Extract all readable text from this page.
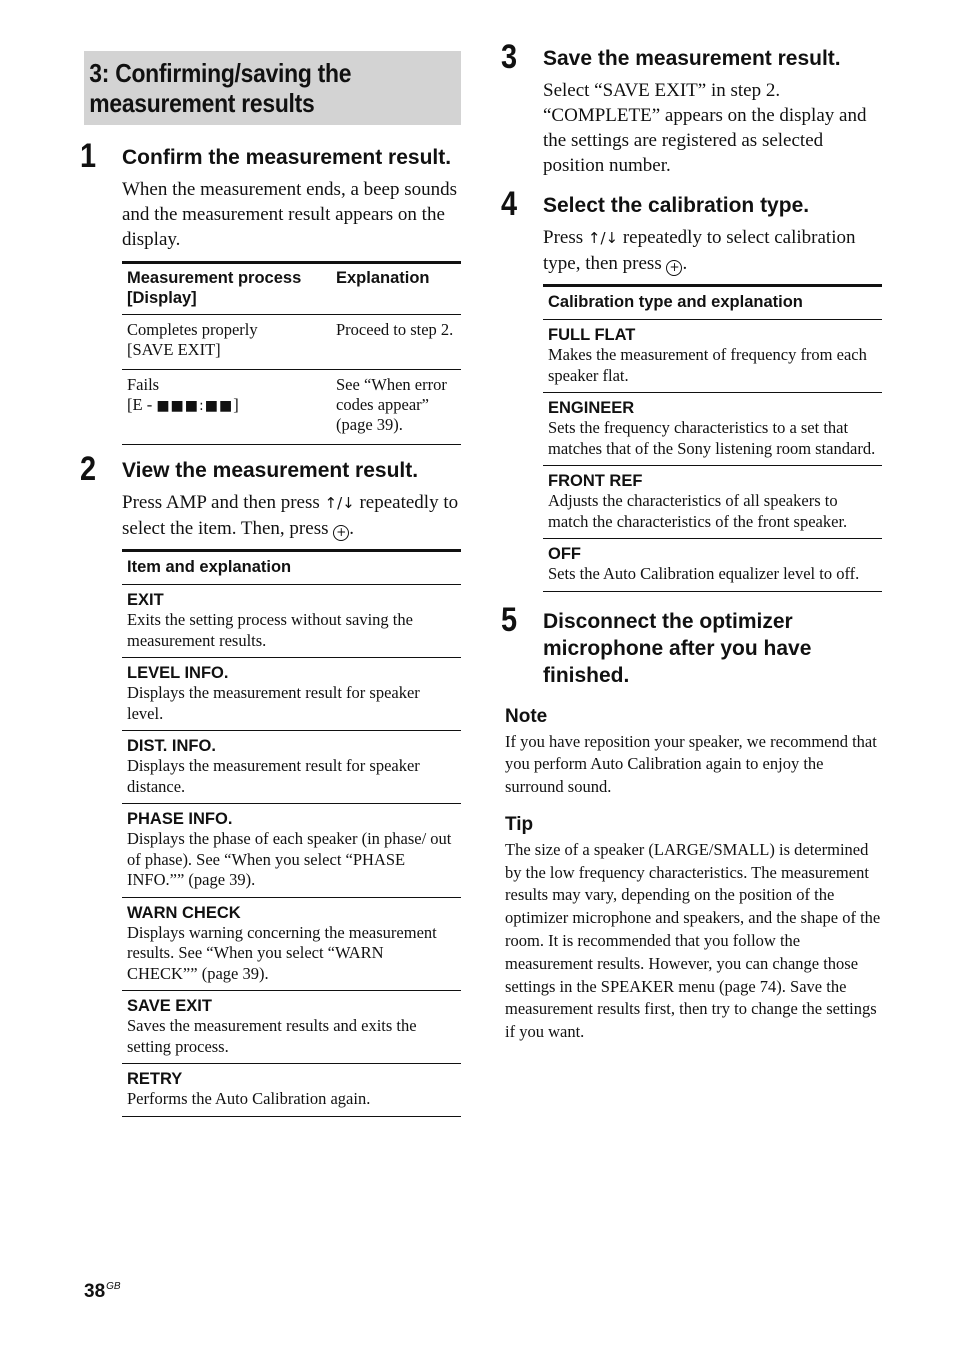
3: Confirming/saving the measurement results
1 Confirm the measurement result.

When the measurement ends, a beep sounds and the measurement result appears on the display.

Measurement process [Display]	Explanation

Completes properly
[SAVE EXIT]	Proceed to step 2.

Fails
[E - ■■■:■■]	See “When error codes appear” (page 39).
2 View the measurement result.

Press AMP and then press ↑/↓ repeatedly to select the item. Then, press + .

Item and explanation
EXIT
Exits the setting process without saving the measurement results.
LEVEL INFO.
Displays the measurement result for speaker level.
DIST. INFO.
Displays the measurement result for speaker distance.
PHASE INFO.
Displays the phase of each speaker (in phase/ out of phase). See “When you select “PHASE INFO.”” (page 39).
WARN CHECK
Displays warning concerning the measurement results. See “When you select “WARN CHECK”” (page 39).
SAVE EXIT
Saves the measurement results and exits the setting process.
RETRY
Performs the Auto Calibration again.
3 Save the measurement result.

Select “SAVE EXIT” in step 2. “COMPLETE” appears on the display and the settings are registered as selected position number.

4 Select the calibration type.

Press ↑/↓ repeatedly to select calibration type, then press + .

Calibration type and explanation
FULL FLAT
Makes the measurement of frequency from each speaker flat.
ENGINEER
Sets the frequency characteristics to a set that matches that of the Sony listening room standard.
FRONT REF
Adjusts the characteristics of all speakers to match the characteristics of the front speaker.
OFF
Sets the Auto Calibration equalizer level to off.
5 Disconnect the optimizer microphone after you have finished.
Note

If you have reposition your speaker, we recommend that you perform Auto Calibration again to enjoy the surround sound.

Tip

The size of a speaker (LARGE/SMALL) is determined by the low frequency characteristics. The measurement results may vary, depending on the position of the optimizer microphone and speakers, and the shape of the room. It is recommended that you follow the measurement results. However, you can change those settings in the SPEAKER menu (page 74). Save the measurement results first, then try to change the settings if you want.

$38^{GB}$
